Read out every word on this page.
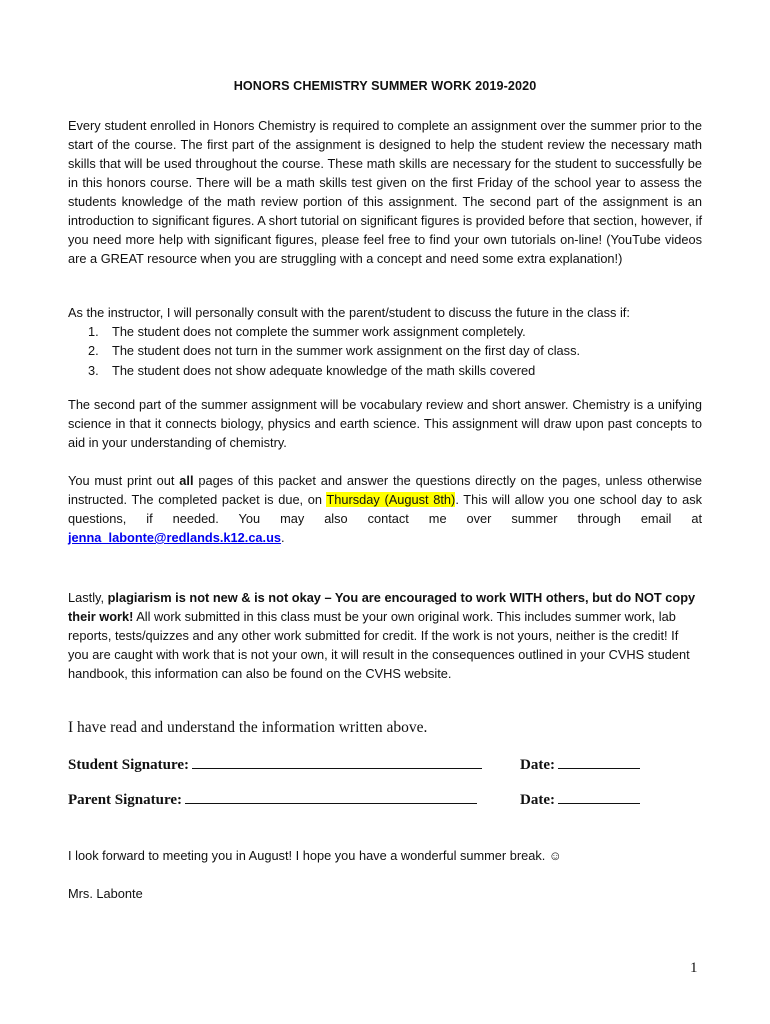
HONORS CHEMISTRY SUMMER WORK 2019-2020

Every student enrolled in Honors Chemistry is required to complete an assignment over the summer prior to the start of the course. The first part of the assignment is designed to help the student review the necessary math skills that will be used throughout the course. These math skills are necessary for the student to successfully be in this honors course. There will be a math skills test given on the first Friday of the school year to assess the students knowledge of the math review portion of this assignment. The second part of the assignment is an introduction to significant figures. A short tutorial on significant figures is provided before that section, however, if you need more help with significant figures, please feel free to find your own tutorials on-line! (YouTube videos are a GREAT resource when you are struggling with a concept and need some extra explanation!)

As the instructor, I will personally consult with the parent/student to discuss the future in the class if:

1.	The student does not complete the summer work assignment completely.
2.	The student does not turn in the summer work assignment on the first day of class.
3.	The student does not show adequate knowledge of the math skills covered

The second part of the summer assignment will be vocabulary review and short answer. Chemistry is a unifying science in that it connects biology, physics and earth science. This assignment will draw upon past concepts to aid in your understanding of chemistry.

You must print out all pages of this packet and answer the questions directly on the pages, unless otherwise instructed. The completed packet is due, on Thursday (August 8th). This will allow you one school day to ask questions, if needed. You may also contact me over summer through email at jenna_labonte@redlands.k12.ca.us.

Lastly, plagiarism is not new & is not okay – You are encouraged to work WITH others, but do NOT copy their work! All work submitted in this class must be your own original work. This includes summer work, lab reports, tests/quizzes and any other work submitted for credit. If the work is not yours, neither is the credit! If you are caught with work that is not your own, it will result in the consequences outlined in your CVHS student handbook, this information can also be found on the CVHS website.

I have read and understand the information written above.

Student Signature:	Date:
Parent Signature:	Date:

I look forward to meeting you in August! I hope you have a wonderful summer break. ☺

Mrs. Labonte

1
